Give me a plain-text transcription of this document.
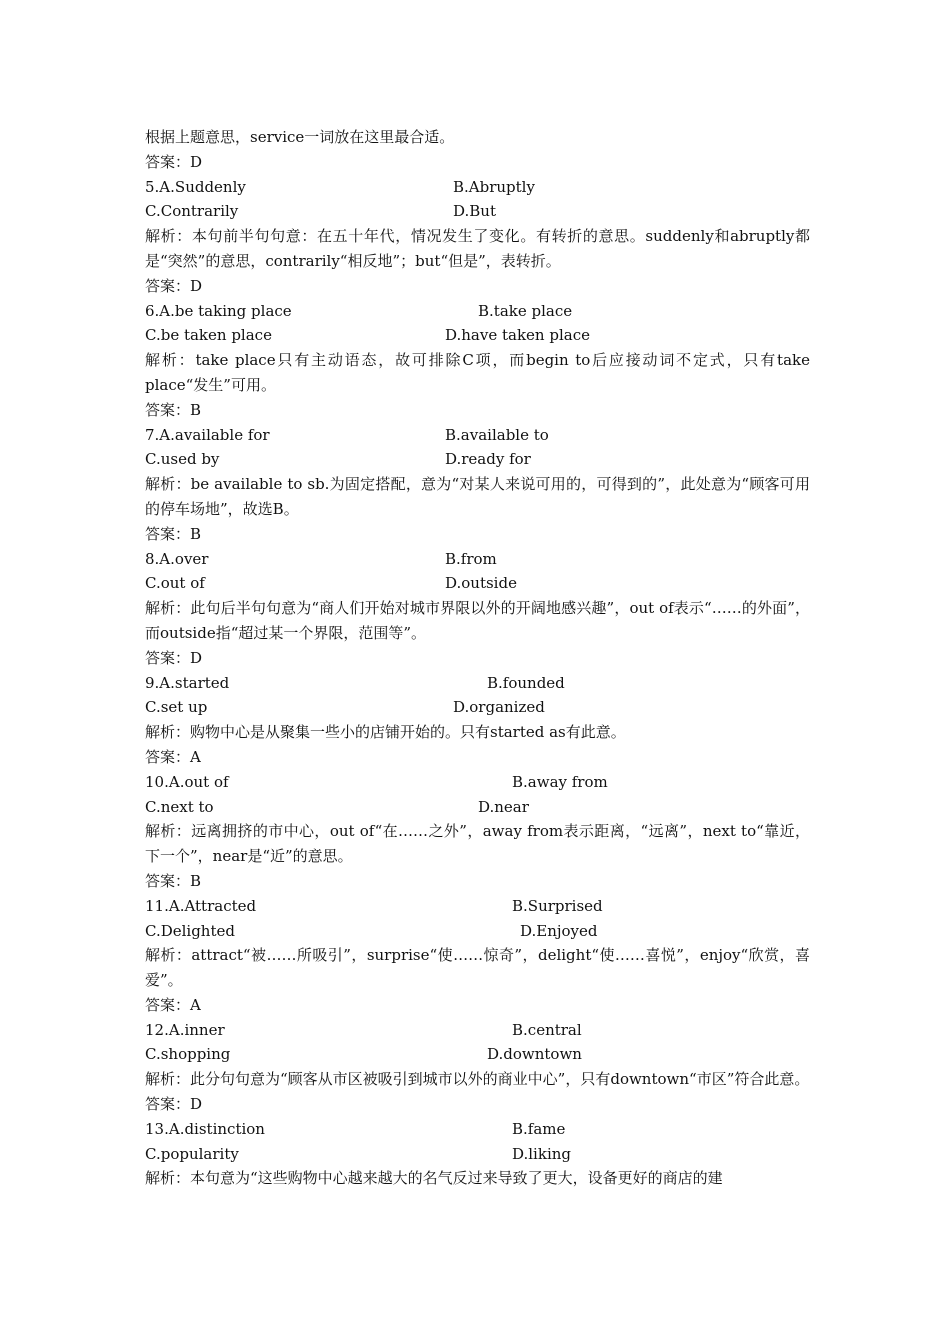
根据上题意思，service一词放在这里最合适。

答案：D

5.A.Suddenly	B.Abruptly
C.Contrarily	D.But

解析：本句前半句句意：在五十年代，情况发生了变化。有转折的意思。suddenly和abruptly都是“突然”的意思，contrarily“相反地”；but“但是”，表转折。

答案：D

6.A.be taking place	B.take place
C.be taken place	D.have taken place

解析：take place只有主动语态，故可排除C项，而begin to后应接动词不定式，只有take place“发生”可用。

答案：B

7.A.available for	B.available to
C.used by	D.ready for

解析：be available to sb.为固定搭配，意为“对某人来说可用的，可得到的”，此处意为“顾客可用的停车场地”，故选B。

答案：B

8.A.over	B.from
C.out of	D.outside

解析：此句后半句句意为“商人们开始对城市界限以外的开阔地感兴趣”，out of表示“……的外面”，而outside指“超过某一个界限，范围等”。

答案：D

9.A.started	B.founded
C.set up	D.organized

解析：购物中心是从聚集一些小的店铺开始的。只有started as有此意。

答案：A

10.A.out of	B.away from
C.next to	D.near

解析：远离拥挤的市中心，out of“在……之外”，away from表示距离，“远离”，next to“靠近，下一个”，near是“近”的意思。

答案：B

11.A.Attracted	B.Surprised
C.Delighted	D.Enjoyed

解析：attract“被……所吸引”，surprise“使……惊奇”，delight“使……喜悦”，enjoy“欣赏，喜爱”。

答案：A

12.A.inner	B.central
C.shopping	D.downtown

解析：此分句句意为“顾客从市区被吸引到城市以外的商业中心”，只有downtown“市区”符合此意。

答案：D

13.A.distinction	B.fame
C.popularity	D.liking

解析：本句意为“这些购物中心越来越大的名气反过来导致了更大，设备更好的商店的建
